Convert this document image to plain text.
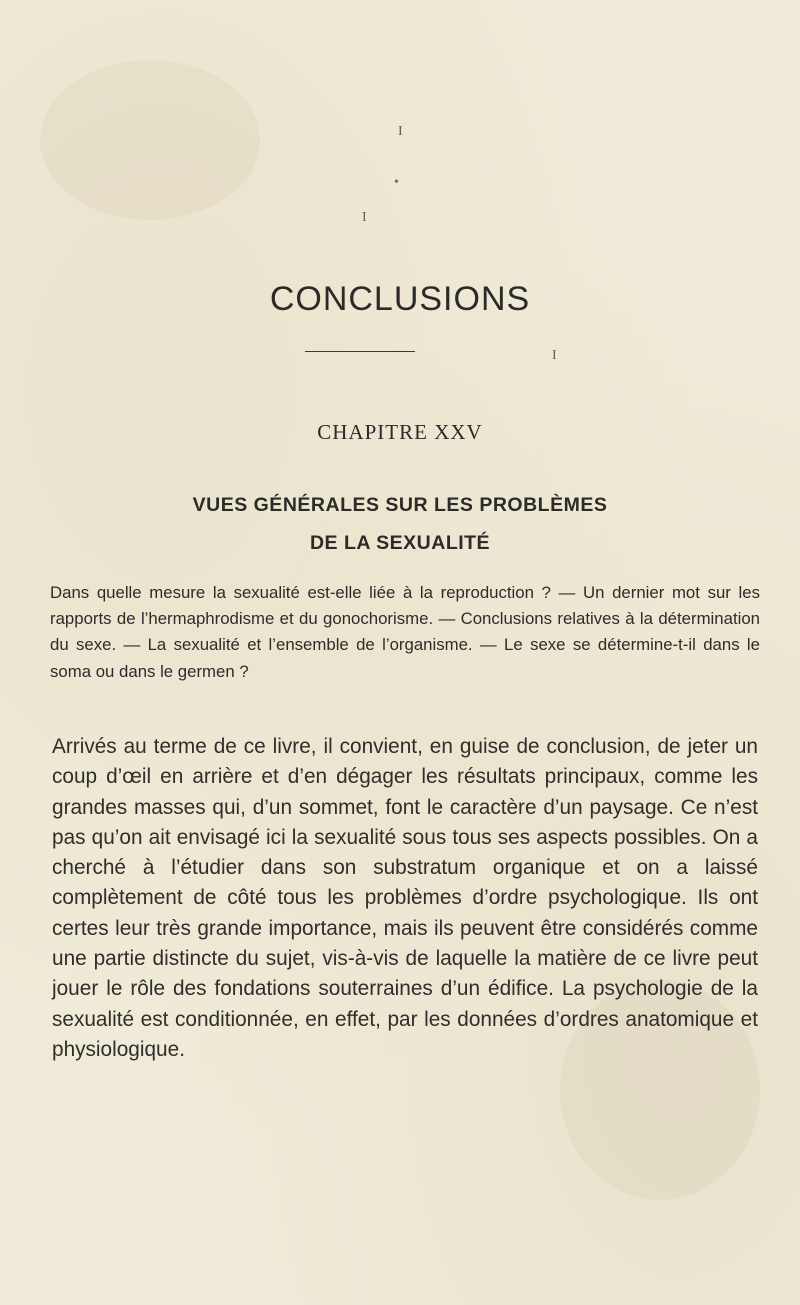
I
•
I
I
CONCLUSIONS
CHAPITRE XXV
VUES GÉNÉRALES SUR LES PROBLÈMES
DE LA SEXUALITÉ
Dans quelle mesure la sexualité est-elle liée à la reproduction ? — Un dernier mot sur les rapports de l’hermaphrodisme et du gonochorisme. — Conclusions relatives à la détermination du sexe. — La sexualité et l’ensemble de l’organisme. — Le sexe se détermine-t-il dans le soma ou dans le germen ?
Arrivés au terme de ce livre, il convient, en guise de conclusion, de jeter un coup d’œil en arrière et d’en dégager les résultats principaux, comme les grandes masses qui, d’un sommet, font le caractère d’un paysage. Ce n’est pas qu’on ait envisagé ici la sexualité sous tous ses aspects possibles. On a cherché à l’étudier dans son substratum organique et on a laissé complètement de côté tous les problèmes d’ordre psychologique. Ils ont certes leur très grande importance, mais ils peuvent être considérés comme une partie distincte du sujet, vis-à-vis de laquelle la matière de ce livre peut jouer le rôle des fondations souterraines d’un édifice. La psychologie de la sexualité est conditionnée, en effet, par les données d’ordres anatomique et physiologique.
